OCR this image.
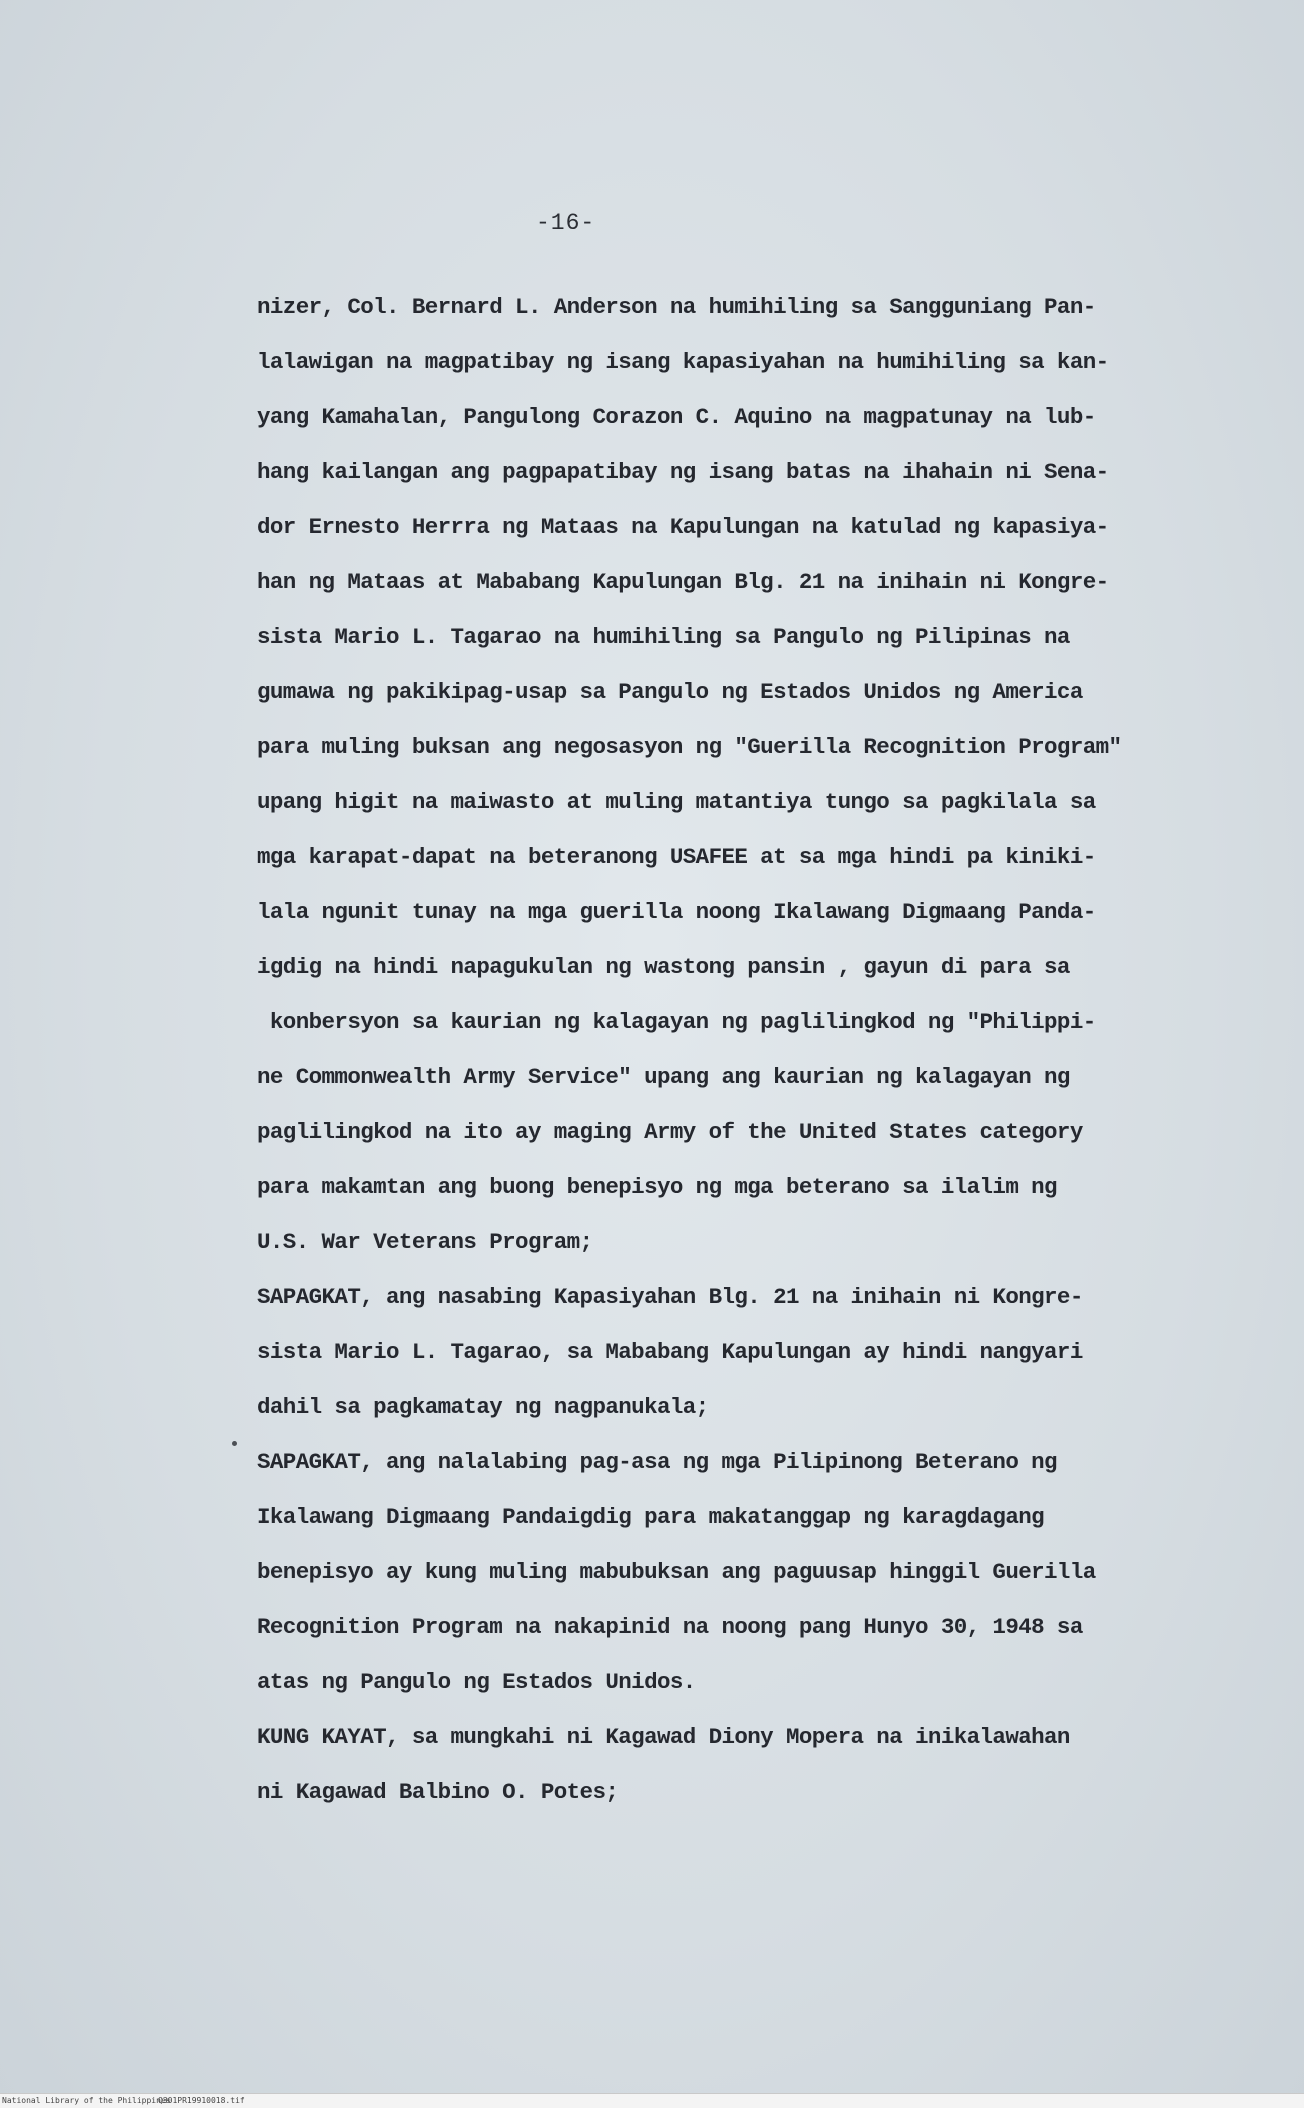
-16-
nizer, Col. Bernard L. Anderson na humihiling sa Sangguniang Pan-
lalawigan na magpatibay ng isang kapasiyahan na humihiling sa kan-
yang Kamahalan, Pangulong Corazon C. Aquino na magpatunay na lub-
hang kailangan ang pagpapatibay ng isang batas na ihahain ni Sena-
dor Ernesto Herrra ng Mataas na Kapulungan na katulad ng kapasiya-
han ng Mataas at Mababang Kapulungan Blg. 21 na inihain ni Kongre-
sista Mario L. Tagarao na humihiling sa Pangulo ng Pilipinas na
gumawa ng pakikipag-usap sa Pangulo ng Estados Unidos ng America
para muling buksan ang negosasyon ng "Guerilla Recognition Program"
upang higit na maiwasto at muling matantiya tungo sa pagkilala sa
mga karapat-dapat na beteranong USAFEE at sa mga hindi pa kiniki-
lala ngunit tunay na mga guerilla noong Ikalawang Digmaang Panda-
igdig na hindi napagukulan ng wastong pansin , gayun di para sa
konbersyon sa kaurian ng kalagayan ng paglilingkod ng "Philippi-
ne Commonwealth Army Service" upang ang kaurian ng kalagayan ng
paglilingkod na ito ay maging Army of the United States category
para makamtan ang buong benepisyo ng mga beterano sa ilalim ng
U.S. War Veterans Program;
SAPAGKAT, ang nasabing Kapasiyahan Blg. 21 na inihain ni Kongre-
sista Mario L. Tagarao, sa Mababang Kapulungan ay hindi nangyari
dahil sa pagkamatay ng nagpanukala;
SAPAGKAT, ang nalalabing pag-asa ng mga Pilipinong Beterano ng
Ikalawang Digmaang Pandaigdig para makatanggap ng karagdagang
benepisyo ay kung muling mabubuksan ang paguusap hinggil Guerilla
Recognition Program na nakapinid na noong pang Hunyo 30, 1948 sa
atas ng Pangulo ng Estados Unidos.
KUNG KAYAT, sa mungkahi ni Kagawad Diony Mopera na inikalawahan
ni Kagawad Balbino O. Potes;
National Library of the Philippines
Q301PR19910018.tif
